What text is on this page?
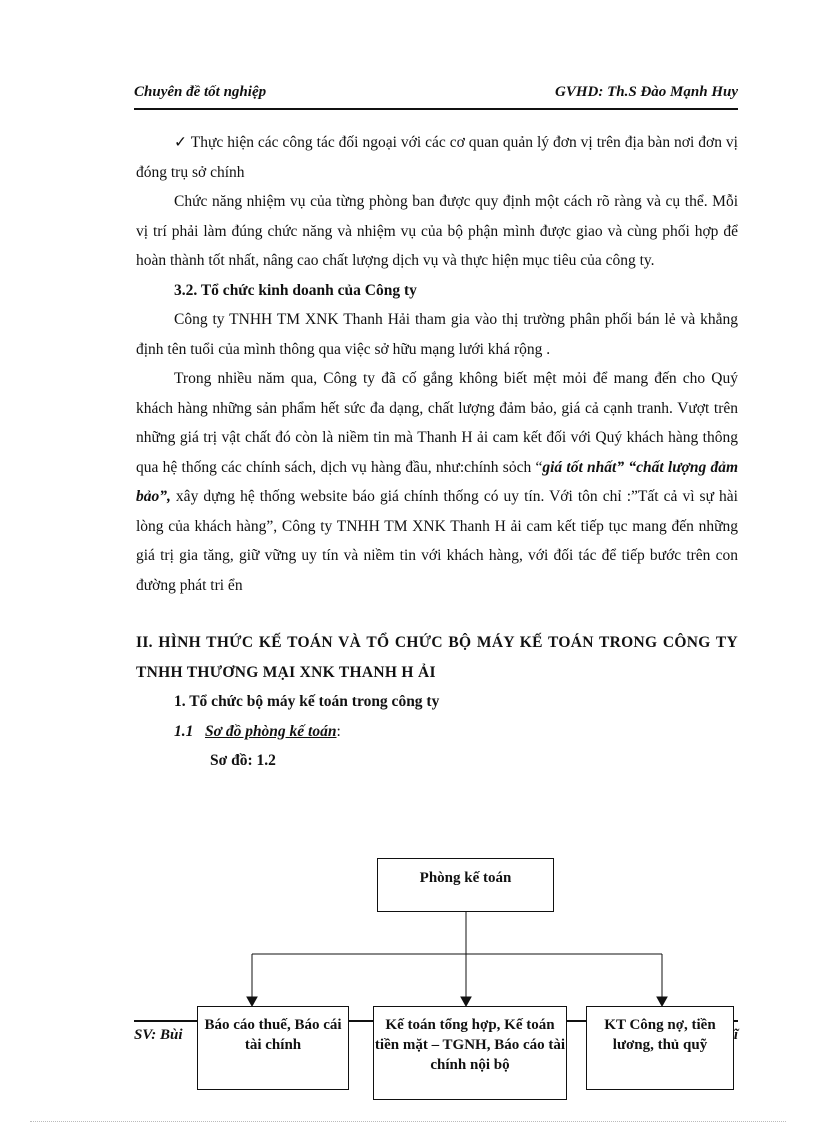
Chuyên đề tốt nghiệp	GVHD: Th.S Đào Mạnh Huy

✓ Thực hiện các công tác đối ngoại với các cơ quan quản lý đơn vị trên địa bàn nơi đơn vị đóng trụ sở chính

Chức năng nhiệm vụ của từng phòng ban được quy định một cách rõ ràng và cụ thể. Mỗi vị trí phải làm đúng chức năng và nhiệm vụ của bộ phận mình được giao và cùng phối hợp để hoàn thành tốt nhất, nâng cao chất lượng dịch vụ và thực hiện mục tiêu của công ty.

3.2. Tổ chức kinh doanh của Công ty

Công ty TNHH TM XNK Thanh Hải tham gia vào thị trường phân phối bán lẻ và khẳng định tên tuổi của mình thông qua việc sở hữu mạng lưới khá rộng .

Trong nhiều năm qua, Công ty đã cố gắng không biết mệt mỏi để mang đến cho Quý khách hàng những sản phẩm hết sức đa dạng, chất lượng đảm bảo, giá cả cạnh tranh. Vượt trên những giá trị vật chất đó còn là niềm tin mà Thanh H ải cam kết đối với Quý khách hàng thông qua hệ thống các chính sách, dịch vụ hàng đầu, như:chính sỏch “giá tốt nhất” “chất lượng đảm bảo”, xây dựng hệ thống website báo giá chính thống có uy tín. Với tôn chỉ :”Tất cả vì sự hài lòng của khách hàng”, Công ty TNHH TM XNK Thanh H ải cam kết tiếp tục mang đến những giá trị gia tăng, giữ vững uy tín và niềm tin với khách hàng, với đối tác để tiếp bước trên con đường phát tri ển

II. HÌNH THỨC KẾ TOÁN VÀ TỔ CHỨC BỘ MÁY KẾ TOÁN TRONG CÔNG TY TNHH THƯƠNG MẠI XNK THANH H ẢI

1. Tổ chức bộ máy kế toán trong công ty

1.1 Sơ đồ phòng kế toán:

Sơ đồ: 1.2

SV: Bùi	ĩ
Phòng kế toán
Báo cáo thuế, Báo cái tài chính
Kế toán tổng hợp, Kế toán tiền mặt – TGNH, Báo cáo tài chính nội bộ
KT Công nợ, tiền lương, thủ quỹ
